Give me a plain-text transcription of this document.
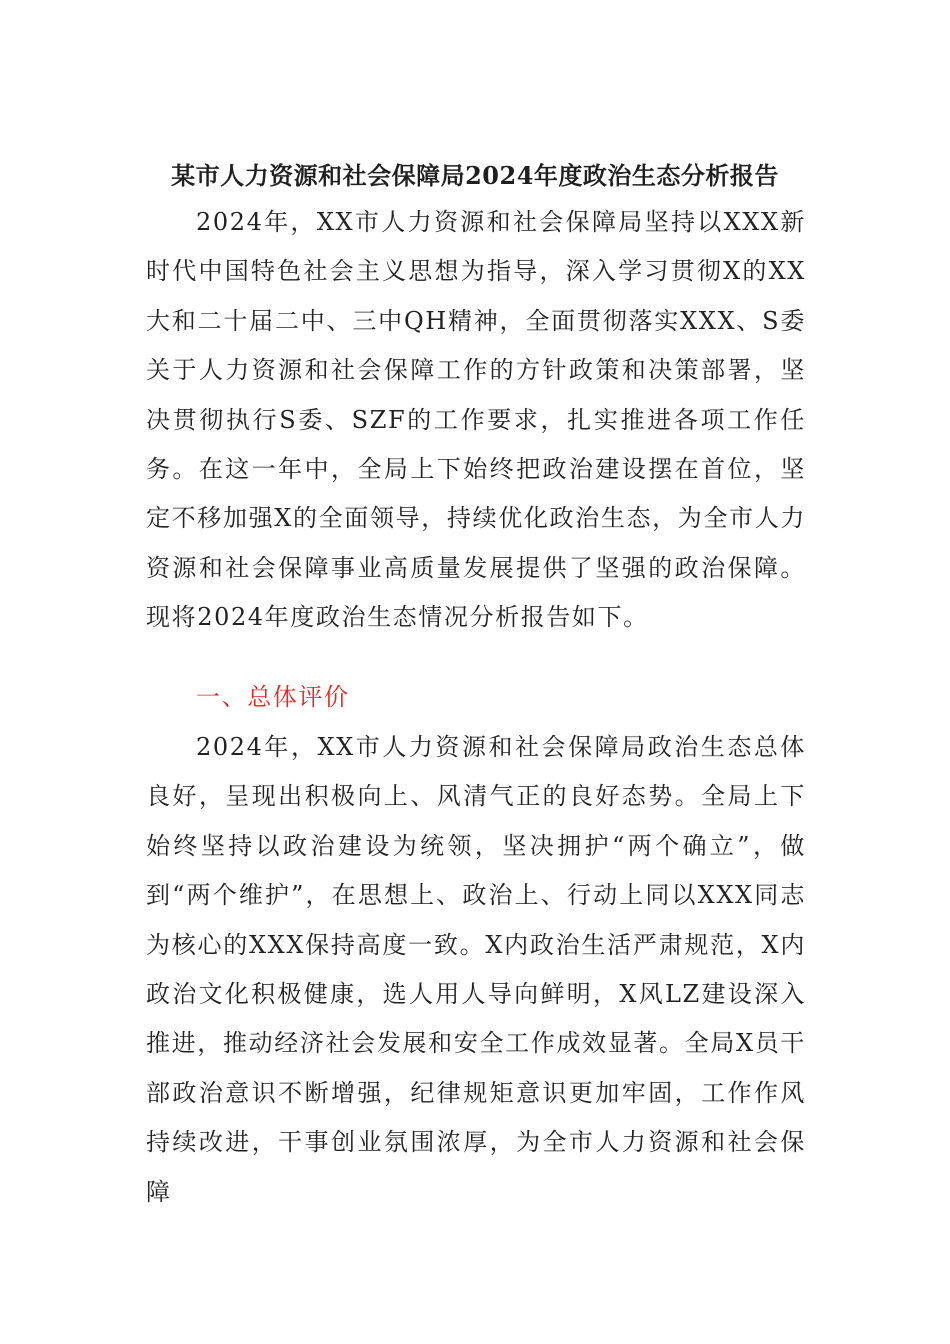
某市人力资源和社会保障局2024年度政治生态分析报告
2024年，XX市人力资源和社会保障局坚持以XXX新时代中国特色社会主义思想为指导，深入学习贯彻X的XX大和二十届二中、三中QH精神，全面贯彻落实XXX、S委关于人力资源和社会保障工作的方针政策和决策部署，坚决贯彻执行S委、SZF的工作要求，扎实推进各项工作任务。在这一年中，全局上下始终把政治建设摆在首位，坚定不移加强X的全面领导，持续优化政治生态，为全市人力资源和社会保障事业高质量发展提供了坚强的政治保障。现将2024年度政治生态情况分析报告如下。
一、总体评价
2024年，XX市人力资源和社会保障局政治生态总体良好，呈现出积极向上、风清气正的良好态势。全局上下始终坚持以政治建设为统领，坚决拥护“两个确立”，做到“两个维护”，在思想上、政治上、行动上同以XXX同志为核心的XXX保持高度一致。X内政治生活严肃规范，X内政治文化积极健康，选人用人导向鲜明，X风LZ建设深入推进，推动经济社会发展和安全工作成效显著。全局X员干部政治意识不断增强，纪律规矩意识更加牢固，工作作风持续改进，干事创业氛围浓厚，为全市人力资源和社会保障
